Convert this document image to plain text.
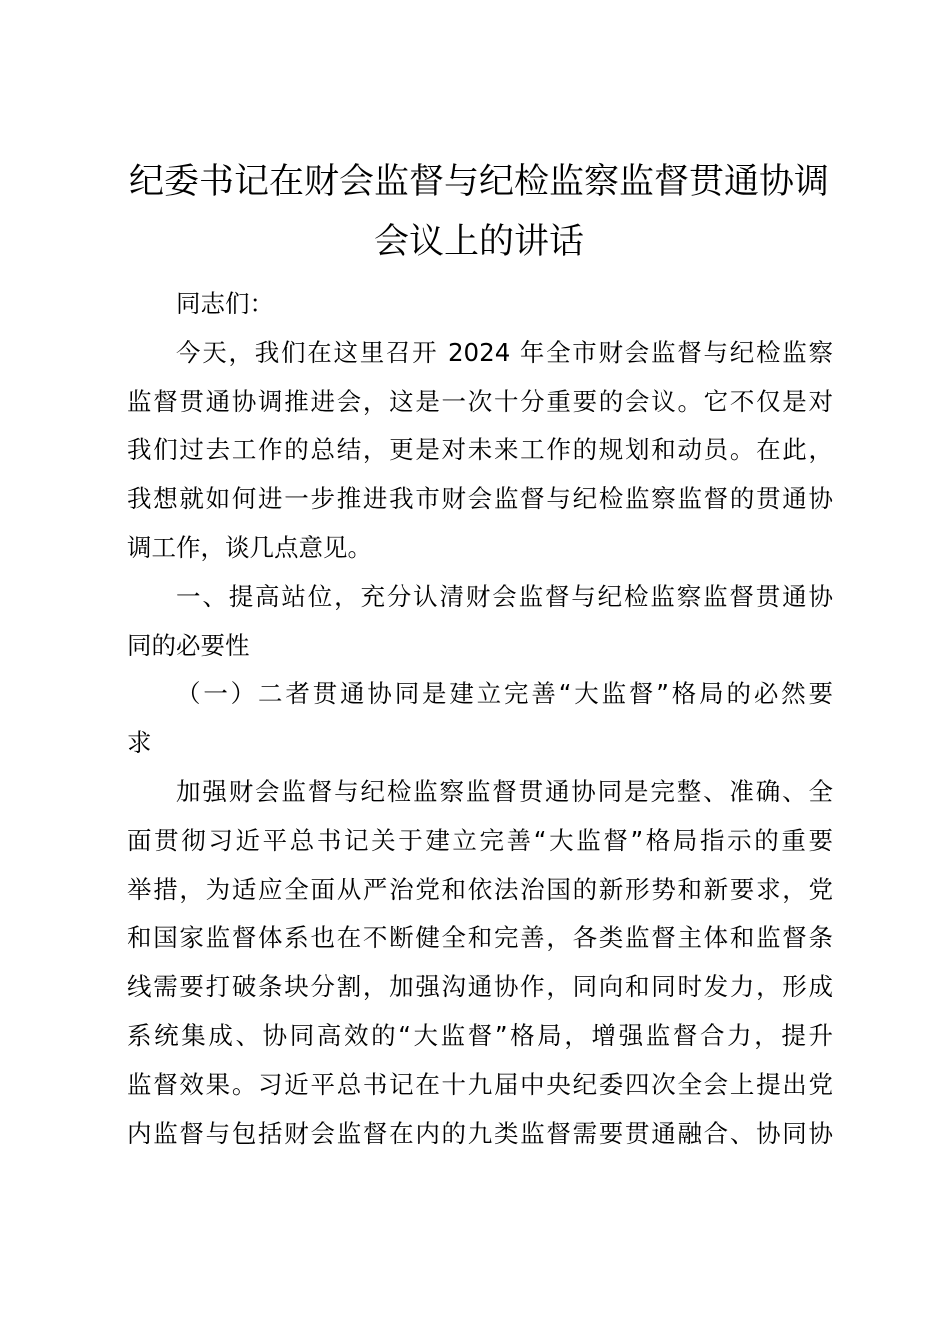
纪委书记在财会监督与纪检监察监督贯通协调
会议上的讲话

同志们：

今天，我们在这里召开 2024 年全市财会监督与纪检监察
监督贯通协调推进会，这是一次十分重要的会议。它不仅是对
我们过去工作的总结，更是对未来工作的规划和动员。在此，
我想就如何进一步推进我市财会监督与纪检监察监督的贯通协
调工作，谈几点意见。

一、提高站位，充分认清财会监督与纪检监察监督贯通协
同的必要性

（一）二者贯通协同是建立完善“大监督”格局的必然要
求

加强财会监督与纪检监察监督贯通协同是完整、准确、全
面贯彻习近平总书记关于建立完善“大监督”格局指示的重要
举措，为适应全面从严治党和依法治国的新形势和新要求，党
和国家监督体系也在不断健全和完善，各类监督主体和监督条
线需要打破条块分割，加强沟通协作，同向和同时发力，形成
系统集成、协同高效的“大监督”格局，增强监督合力，提升
监督效果。习近平总书记在十九届中央纪委四次全会上提出党
内监督与包括财会监督在内的九类监督需要贯通融合、协同协
